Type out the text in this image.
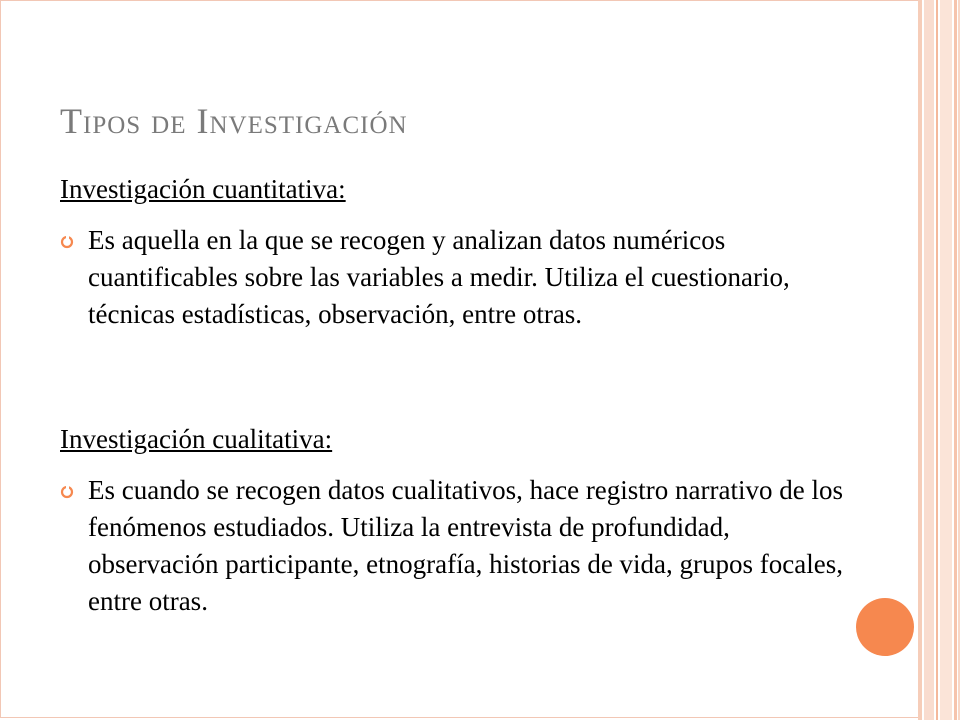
Tipos de Investigación
Investigación cuantitativa:
Es aquella en la que se recogen y analizan datos numéricos cuantificables sobre las variables a medir. Utiliza el cuestionario, técnicas estadísticas, observación, entre otras.
Investigación cualitativa:
Es cuando se recogen datos cualitativos, hace registro narrativo de los fenómenos estudiados. Utiliza la entrevista de profundidad, observación participante, etnografía, historias de vida, grupos focales, entre otras.
